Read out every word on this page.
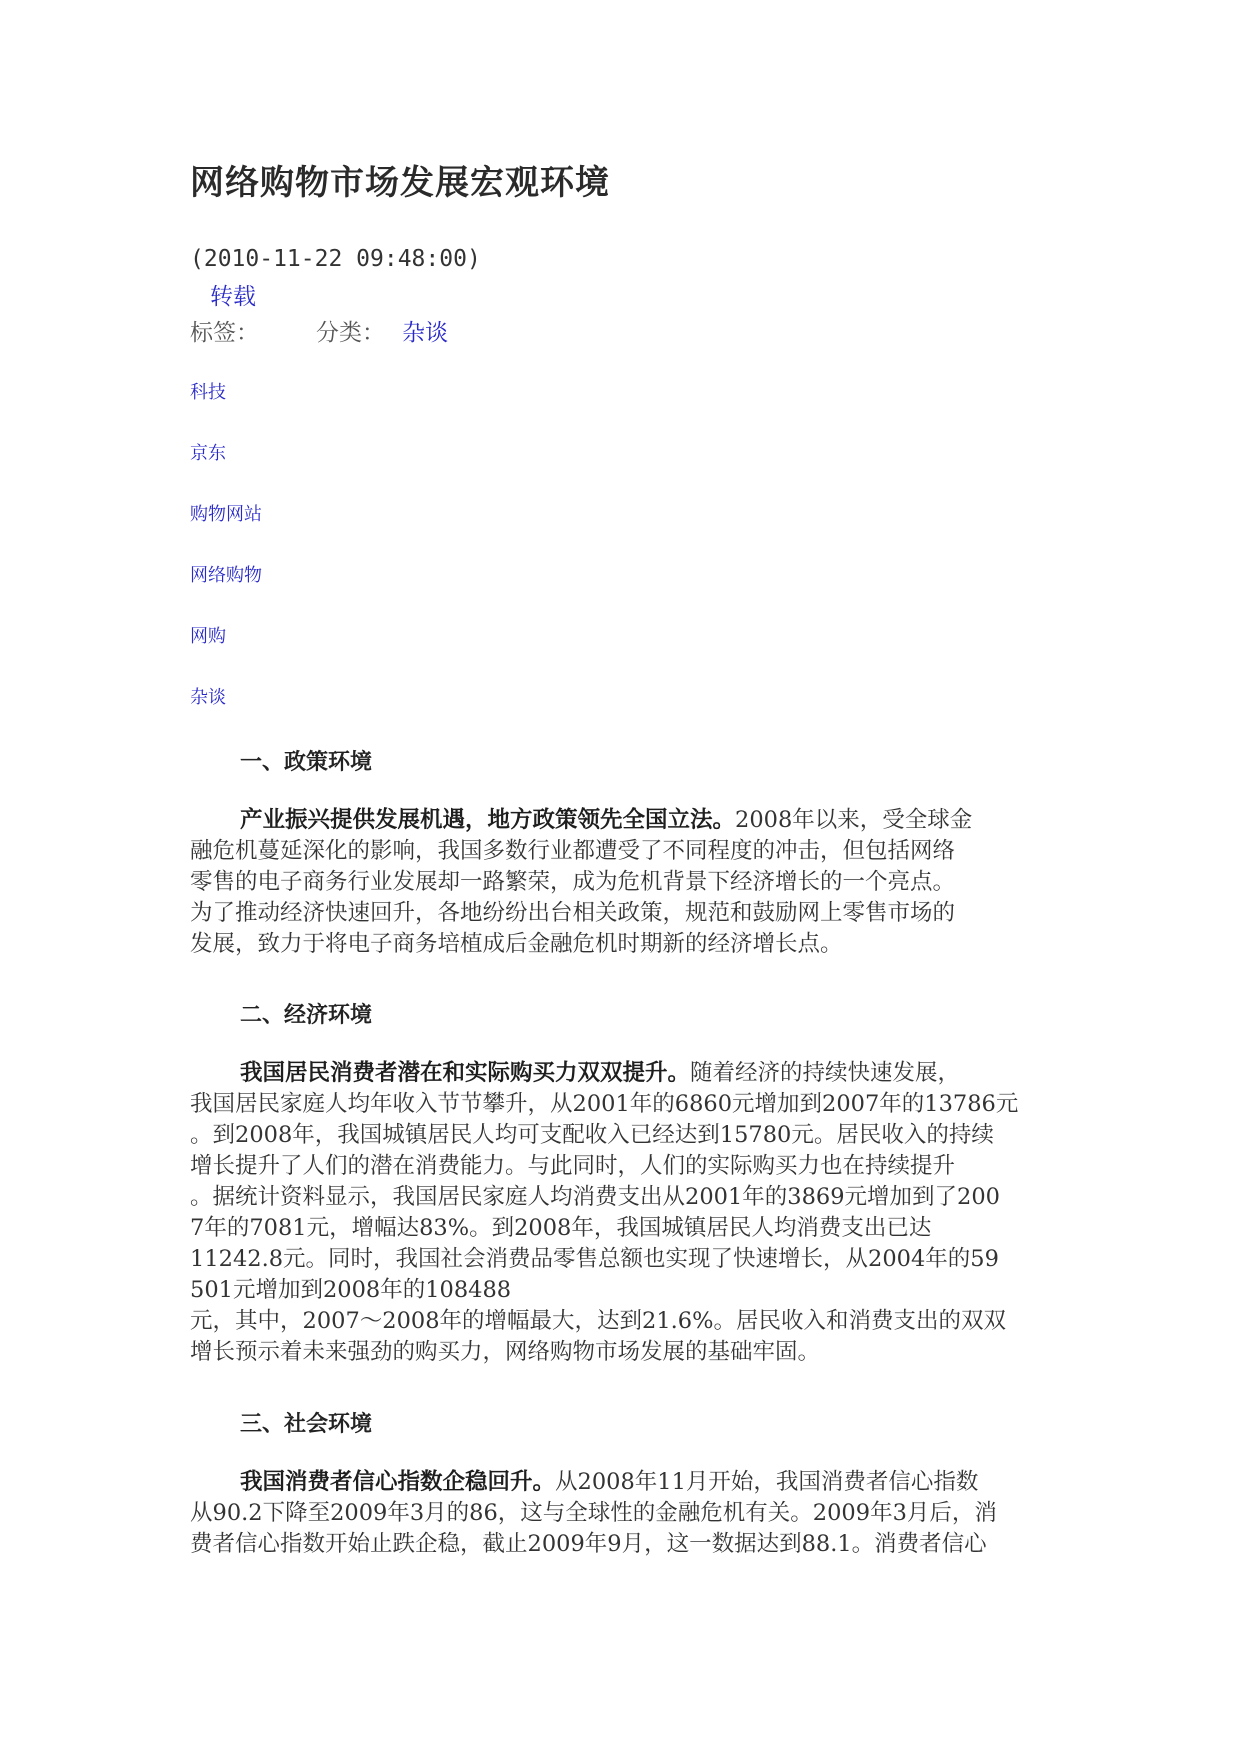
网络购物市场发展宏观环境
(2010-11-22 09:48:00)
转载
标签： 分类： 杂谈
科技
京东
购物网站
网络购物
网购
杂谈
一、政策环境
产业振兴提供发展机遇，地方政策领先全国立法。2008年以来，受全球金
融危机蔓延深化的影响，我国多数行业都遭受了不同程度的冲击，但包括网络
零售的电子商务行业发展却一路繁荣，成为危机背景下经济增长的一个亮点。
为了推动经济快速回升，各地纷纷出台相关政策，规范和鼓励网上零售市场的
发展，致力于将电子商务培植成后金融危机时期新的经济增长点。
二、经济环境
我国居民消费者潜在和实际购买力双双提升。随着经济的持续快速发展，
我国居民家庭人均年收入节节攀升，从2001年的6860元增加到2007年的13786元
。到2008年，我国城镇居民人均可支配收入已经达到15780元。居民收入的持续
增长提升了人们的潜在消费能力。与此同时，人们的实际购买力也在持续提升
。据统计资料显示，我国居民家庭人均消费支出从2001年的3869元增加到了200
7年的7081元，增幅达83%。到2008年，我国城镇居民人均消费支出已达
11242.8元。同时，我国社会消费品零售总额也实现了快速增长，从2004年的59
501元增加到2008年的108488
元，其中，2007～2008年的增幅最大，达到21.6%。居民收入和消费支出的双双
增长预示着未来强劲的购买力，网络购物市场发展的基础牢固。
三、社会环境
我国消费者信心指数企稳回升。从2008年11月开始，我国消费者信心指数
从90.2下降至2009年3月的86，这与全球性的金融危机有关。2009年3月后，消
费者信心指数开始止跌企稳，截止2009年9月，这一数据达到88.1。消费者信心
